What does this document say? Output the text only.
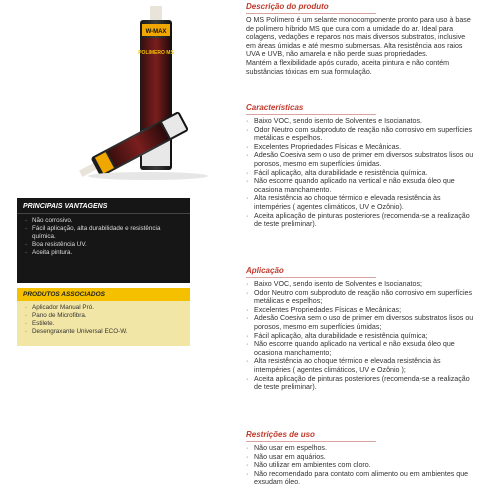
W-MAX
POLIMERO MS
PRINCIPAIS VANTAGENS
· Não corrosivo.
· Fácil aplicação, alta durabilidade e resistência química.
· Boa resistência UV.
· Aceita pintura.
PRODUTOS ASSOCIADOS
· Aplicador Manual Pró.
· Pano de Microfibra.
· Estilete.
· Desengraxante Universal ECO-W.

Descrição do produto

O MS Polímero é um selante monocomponente pronto para uso à base de polímero híbrido MS que cura com a umidade do ar. Ideal para colagens, vedações e reparos nos mais diversos substratos, inclusive em áreas úmidas e até mesmo submersas. Alta resistência aos raios UVA e UVB, não amarela e não perde suas propriedades.

Mantém a flexibilidade após curado, aceita pintura e não contém substâncias tóxicas em sua formulação.

Características

· Baixo VOC, sendo isento de Solventes e Isocianatos.
· Odor Neutro com subproduto de reação não corrosivo em superfícies metálicas e espelhos.
· Excelentes Propriedades Físicas e Mecânicas.
· Adesão Coesiva sem o uso de primer em diversos substratos lisos ou porosos, mesmo em superfícies úmidas.
· Fácil aplicação, alta durabilidade e resistência química.
· Não escorre quando aplicado na vertical e não exsuda óleo que ocasiona manchamento.
· Alta resistência ao choque térmico e elevada resistência às intempéries ( agentes climáticos, UV e Ozônio).
· Aceita aplicação de pinturas posteriores (recomenda-se a realização de teste preliminar).

Aplicação

· Baixo VOC, sendo isento de Solventes e Isocianatos;
· Odor Neutro com subproduto de reação não corrosivo em superfícies metálicas e espelhos;
· Excelentes Propriedades Físicas e Mecânicas;
· Adesão Coesiva sem o uso de primer em diversos substratos lisos ou porosos, mesmo em superfícies úmidas;
· Fácil aplicação, alta durabilidade e resistência química;
· Não escorre quando aplicado na vertical e não exsuda óleo que ocasiona manchamento;
· Alta resistência ao choque térmico e elevada resistência às intempéries ( agentes climáticos, UV e Ozônio );
· Aceita aplicação de pinturas posteriores (recomenda-se a realização de teste preliminar).

Restrições de uso

· Não usar em espelhos.
· Não usar em aquários.
· Não utilizar em ambientes com cloro.
· Não recomendado para contato com alimento ou em ambientes que exsudam óleo.
